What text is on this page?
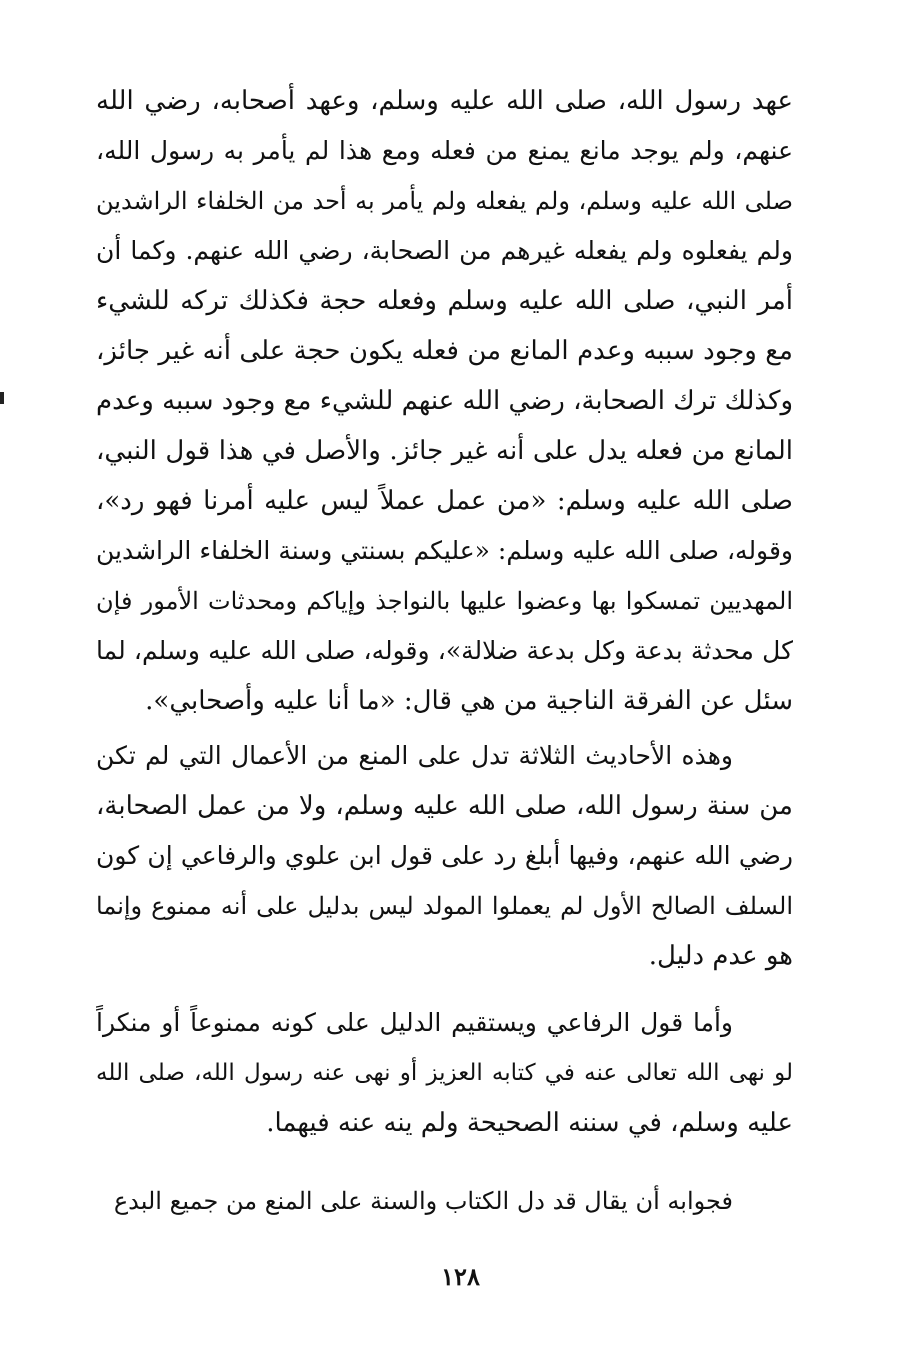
عهد رسول الله، صلى الله عليه وسلم، وعهد أصحابه، رضي الله
عنهم، ولم يوجد مانع يمنع من فعله ومع هذا لم يأمر به رسول الله،
صلى الله عليه وسلم، ولم يفعله ولم يأمر به أحد من الخلفاء الراشدين
ولم يفعلوه ولم يفعله غيرهم من الصحابة، رضي الله عنهم. وكما أن
أمر النبي، صلى الله عليه وسلم وفعله حجة فكذلك تركه للشيء
مع وجود سببه وعدم المانع من فعله يكون حجة على أنه غير جائز،
وكذلك ترك الصحابة، رضي الله عنهم للشيء مع وجود سببه وعدم
المانع من فعله يدل على أنه غير جائز. والأصل في هذا قول النبي،
صلى الله عليه وسلم: «من عمل عملاً ليس عليه أمرنا فهو رد»،
وقوله، صلى الله عليه وسلم: «عليكم بسنتي وسنة الخلفاء الراشدين
المهديين تمسكوا بها وعضوا عليها بالنواجذ وإياكم ومحدثات الأمور فإن
كل محدثة بدعة وكل بدعة ضلالة»، وقوله، صلى الله عليه وسلم، لما
سئل عن الفرقة الناجية من هي قال: «ما أنا عليه وأصحابي».
وهذه الأحاديث الثلاثة تدل على المنع من الأعمال التي لم تكن
من سنة رسول الله، صلى الله عليه وسلم، ولا من عمل الصحابة،
رضي الله عنهم، وفيها أبلغ رد على قول ابن علوي والرفاعي إن كون
السلف الصالح الأول لم يعملوا المولد ليس بدليل على أنه ممنوع وإنما
هو عدم دليل.
وأما قول الرفاعي ويستقيم الدليل على كونه ممنوعاً أو منكراً
لو نهى الله تعالى عنه في كتابه العزيز أو نهى عنه رسول الله، صلى الله
عليه وسلم، في سننه الصحيحة ولم ينه عنه فيهما.
فجوابه أن يقال قد دل الكتاب والسنة على المنع من جميع البدع
١٢٨
